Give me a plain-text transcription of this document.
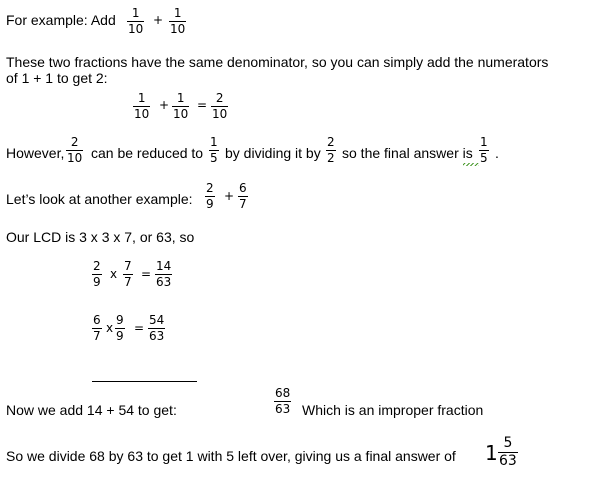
For example: Add 1
10
+ 1
10
These two fractions have the same denominator, so you can simply add the numerators
of 1 + 1 to get 2:
1
10
+ 1
10
= 2
10
However,
2
10 can be reduced to
1
5 by dividing it by
2
2 so the final answer is
1
5 .
Let’s look at another example:
2
9
+
6
7
Our LCD is 3 x 3 x 7, or 63, so
2
9
x
7
7
=
14
63
6
7
x
9
9
=
54
63
Now we add 14 + 54 to get:
68
63 Which is an improper fraction
So we divide 68 by 63 to get 1 with 5 left over, giving us a final answer of 1 5
63
